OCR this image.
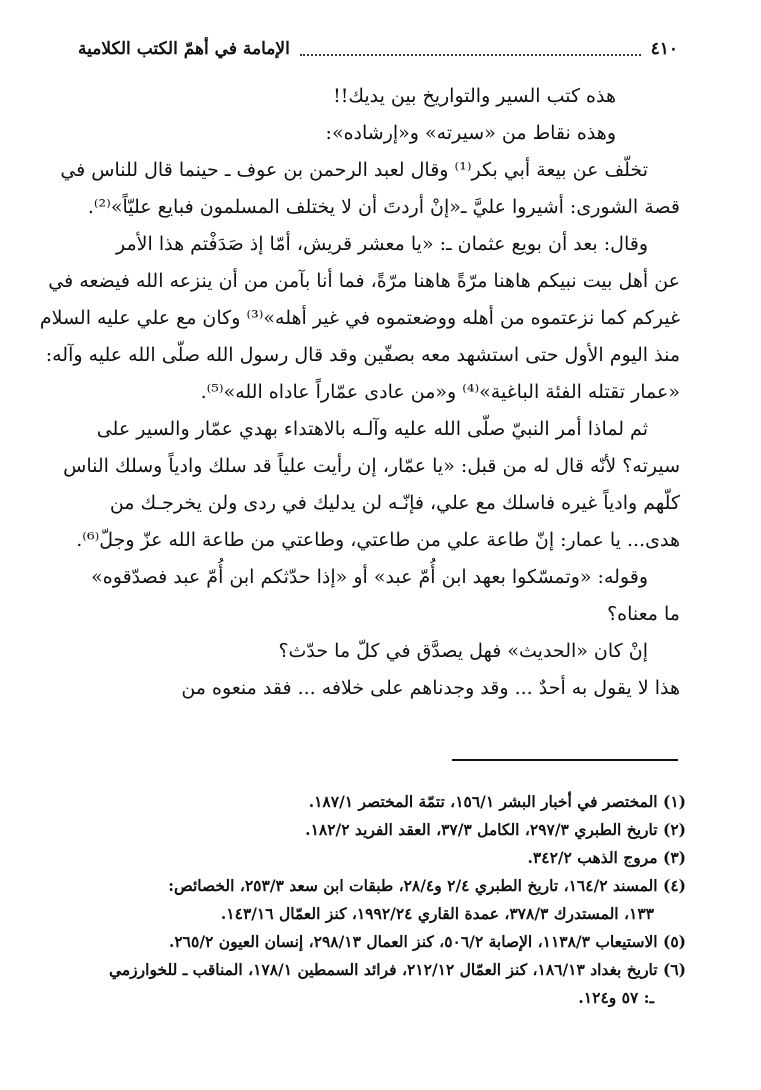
٤١٠
الإمامة في أهمّ الكتب الكلامية
هذه كتب السير والتواريخ بين يديك!!
وهذه نقاط من «سيرته» و«إرشاده»:
تخلّف عن بيعة أبي بكر⁽¹⁾ وقال لعبد الرحمن بن عوف ـ حينما قال للناس في
قصة الشورى: أشيروا عليَّ ـ«إنْ أردتَ أن لا يختلف المسلمون فبايع عليّاً»⁽²⁾.
وقال: بعد أن بويع عثمان ـ: «يا معشر قريش، أمّا إذ صَدَفْتم هذا الأمر
عن أهل بيت نبيكم هاهنا مرّةً هاهنا مرّةً، فما أنا بآمن من أن ينزعه الله فيضعه في
غيركم كما نزعتموه من أهله ووضعتموه في غير أهله»⁽³⁾ وكان مع علي عليه السلام
منذ اليوم الأول حتى استشهد معه بصفّين وقد قال رسول الله صلّى الله عليه وآله:
«عمار تقتله الفئة الباغية»⁽⁴⁾ و«من عادى عمّاراً عاداه الله»⁽⁵⁾.
ثم لماذا أمر النبيّ صلّى الله عليه وآلـه بالاهتداء بهدي عمّار والسير على
سيرته؟ لأنّه قال له من قبل: «يا عمّار، إن رأيت علياً قد سلك وادياً وسلك الناس
كلّهم وادياً غيره فاسلك مع علي، فإنّـه لن يدليك في ردى ولن يخرجـك من
هدى... يا عمار: إنّ طاعة علي من طاعتي، وطاعتي من طاعة الله عزّ وجلّ⁽⁶⁾.
وقوله: «وتمسّكوا بعهد ابن أُمّ عبد» أو «إذا حدّثكم ابن أُمّ عبد فصدّقوه»
ما معناه؟
إنْ كان «الحديث» فهل يصدَّق في كلّ ما حدّث؟
هذا لا يقول به أحدٌ ... وقد وجدناهم على خلافه ... فقد منعوه من
(١) المختصر في أخبار البشر ١٥٦/١، تتمّة المختصر ١٨٧/١.
(٢) تاريخ الطبري ٢٩٧/٣، الكامل ٣٧/٣، العقد الفريد ١٨٢/٢.
(٣) مروج الذهب ٣٤٢/٢.
(٤) المسند ١٦٤/٢، تاريخ الطبري ٢/٤ و٢٨/٤، طبقات ابن سعد ٢٥٣/٣، الخصائص:
١٣٣، المستدرك ٣٧٨/٣، عمدة القاري ١٩٩٢/٢٤، كنز العمّال ١٤٣/١٦.
(٥) الاستيعاب ١١٣٨/٣، الإصابة ٥٠٦/٢، كنز العمال ٢٩٨/١٣، إنسان العيون ٢٦٥/٢.
(٦) تاريخ بغداد ١٨٦/١٣، كنز العمّال ٢١٢/١٢، فرائد السمطين ١٧٨/١، المناقب ـ للخوارزمي
ـ: ٥٧ و١٢٤.
